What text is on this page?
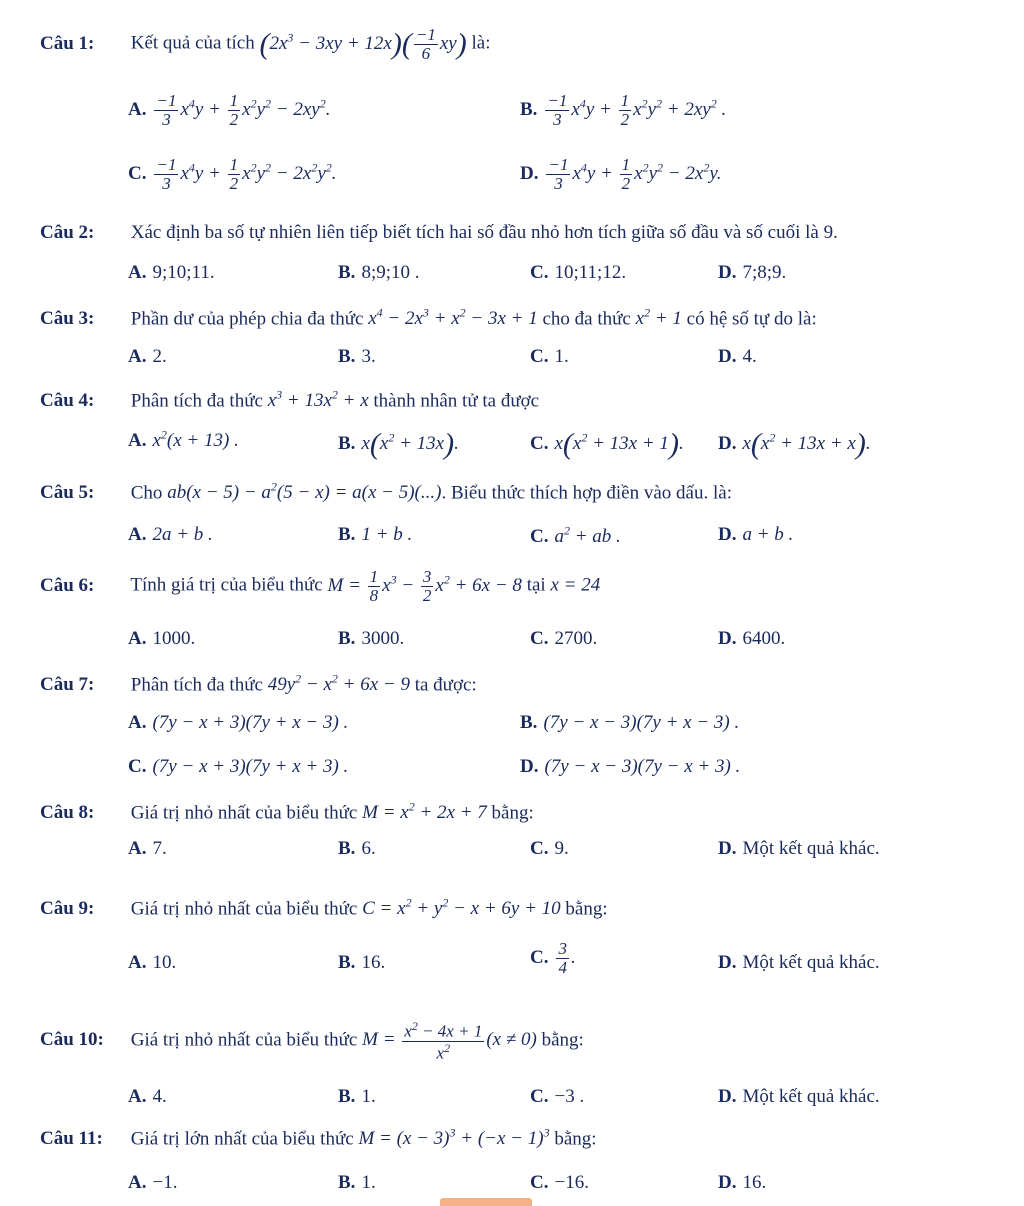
Câu 1: Kết quả của tích $(2x^3 - 3xy + 12x)( \frac{-1}{6} xy)$ là:
A. $\frac{-1}{3} x^4y + \frac{1}{2} x^2y^2 - 2xy^2$.	B. $\frac{-1}{3} x^4y + \frac{1}{2} x^2y^2 + 2xy^2$ .
C. $\frac{-1}{3} x^4y + \frac{1}{2} x^2y^2 - 2x^2y^2$.	D. $\frac{-1}{3} x^4y + \frac{1}{2} x^2y^2 - 2x^2y$.
Câu 2: Xác định ba số tự nhiên liên tiếp biết tích hai số đầu nhỏ hơn tích giữa số đầu và số cuối là 9.
A. 9;10;11.	B. 8;9;10 .	C. 10;11;12.	D. 7;8;9.
Câu 3: Phần dư của phép chia đa thức $x^4 - 2x^3 + x^2 - 3x + 1$ cho đa thức $x^2 + 1$ có hệ số tự do là:
A. 2.	B. 3.	C. 1.	D. 4.
Câu 4: Phân tích đa thức $x^3 + 13x^2 + x$ thành nhân tử ta được
A. $x^2(x + 13)$ .	B. $x(x^2 + 13x)$.	C. $x(x^2 + 13x + 1)$. D. $x(x^2 + 13x + x)$.
Câu 5: Cho $ab(x - 5) - a^2(5 - x) = a(x - 5)(...)$. Biểu thức thích hợp điền vào dấu. là:
A. 2a + b .	B. 1 + b .	C. $a^2$ + ab .	D. a + b .
Câu 6: Tính giá trị của biểu thức $M = \frac{1}{8} x^3 - \frac{3}{2} x^2 + 6x - 8$ tại x = 24
A. 1000.	B. 3000.	C. 2700.	D. 6400.
Câu 7: Phân tích đa thức $49y^2 - x^2 + 6x - 9$ ta được:
A. (7y − x + 3)(7y + x − 3) .	B. (7y − x − 3)(7y + x − 3) .
C. (7y − x + 3)(7y + x + 3) .	D. (7y − x − 3)(7y − x + 3) .
Câu 8: Giá trị nhỏ nhất của biểu thức $M = x^2 + 2x + 7$ bằng:
A. 7.	B. 6.	C. 9.	D. Một kết quả khác.
Câu 9: Giá trị nhỏ nhất của biểu thức $C = x^2 + y^2 - x + 6y + 10$ bằng:
A. 10.	B. 16.	C. $\frac{3}{4}$ .	D. Một kết quả khác.
Câu 10: Giá trị nhỏ nhất của biểu thức $M = \frac{x^2 - 4x + 1}{x^2} (x \ne 0)$ bằng:
A. 4.	B. 1.	C. −3 .	D. Một kết quả khác.
Câu 11: Giá trị lớn nhất của biểu thức $M = (x - 3)^3 + (-x - 1)^3$ bằng:
A. −1.	B. 1.	C. −16.	D. 16.
